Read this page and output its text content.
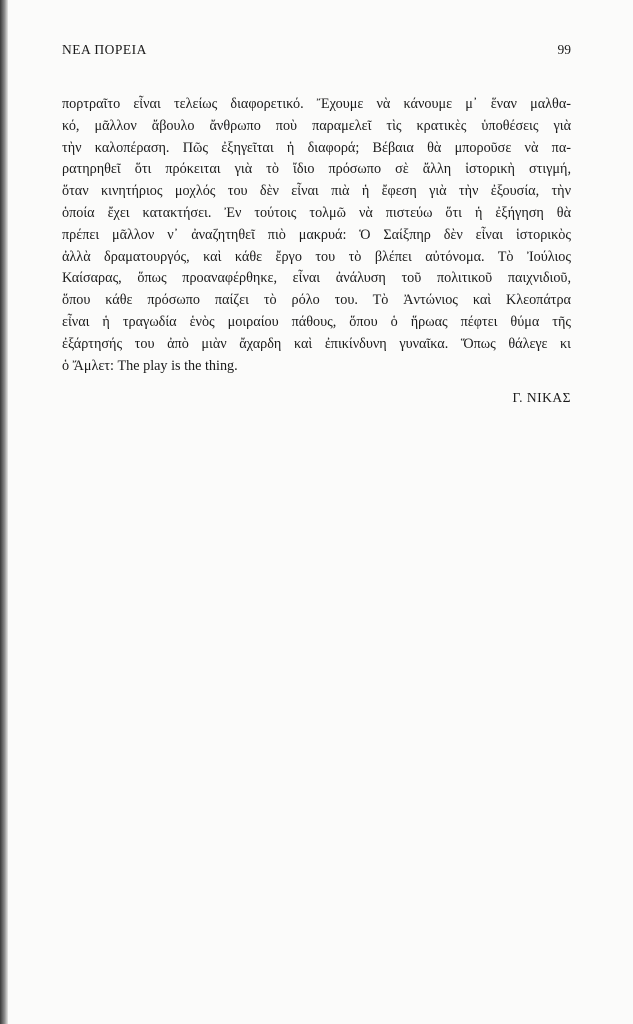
ΝΕΑ ΠΟΡΕΙΑ	99
πορτραῖτο εἶναι τελείως διαφορετικό. Ἔχουμε νὰ κάνουμε μ᾽ ἕναν μαλθα-
κό, μᾶλλον ἄβουλο ἄνθρωπο ποὺ παραμελεῖ τὶς κρατικὲς ὑποθέσεις γιὰ
τὴν καλοπέραση. Πῶς ἐξηγεῖται ἡ διαφορά; Βέβαια θὰ μποροῦσε νὰ πα-
ρατηρηθεῖ ὅτι πρόκειται γιὰ τὸ ἴδιο πρόσωπο σὲ ἄλλη ἱστορικὴ στιγμή,
ὅταν κινητήριος μοχλός του δὲν εἶναι πιὰ ἡ ἔφεση γιὰ τὴν ἐξουσία, τὴν
ὁποία ἔχει κατακτήσει. Ἐν τούτοις τολμῶ νὰ πιστεύω ὅτι ἡ ἐξήγηση θὰ
πρέπει μᾶλλον ν᾽ ἀναζητηθεῖ πιὸ μακρυά: Ὁ Σαίξπηρ δὲν εἶναι ἱστορικὸς
ἀλλὰ δραματουργός, καὶ κάθε ἔργο του τὸ βλέπει αὐτόνομα. Τὸ Ἰούλιος
Καίσαρας, ὅπως προαναφέρθηκε, εἶναι ἀνάλυση τοῦ πολιτικοῦ παιχνιδιοῦ,
ὅπου κάθε πρόσωπο παίζει τὸ ρόλο του. Τὸ Ἀντώνιος καὶ Κλεοπάτρα
εἶναι ἡ τραγωδία ἑνὸς μοιραίου πάθους, ὅπου ὁ ἥρωας πέφτει θύμα τῆς
ἐξάρτησής του ἀπὸ μιὰν ἄχαρδη καὶ ἐπικίνδυνη γυναῖκα. Ὅπως θάλεγε κι
ὁ Ἄμλετ: The play is the thing.
Γ. ΝΙΚΑΣ
